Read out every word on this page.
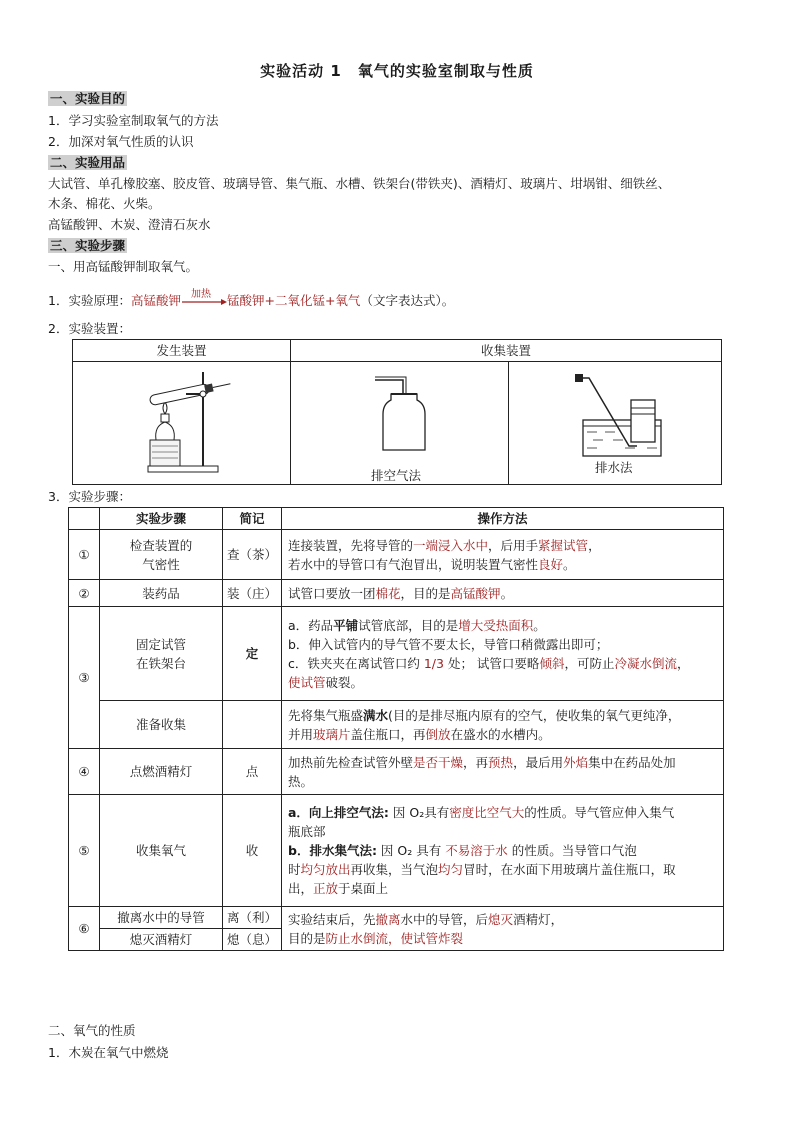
实验活动 1　氧气的实验室制取与性质
一、实验目的
1．学习实验室制取氧气的方法
2．加深对氧气性质的认识
二、实验用品
大试管、单孔橡胶塞、胶皮管、玻璃导管、集气瓶、水槽、铁架台(带铁夹)、酒精灯、玻璃片、坩埚钳、细铁丝、
木条、棉花、火柴。
高锰酸钾、木炭、澄清石灰水
三、实验步骤
一、用高锰酸钾制取氧气。
1．实验原理：高锰酸钾 加热 锰酸钾+二氧化锰+氧气（文字表达式）。
2．实验装置：
发生装置	收集装置	

排空气法	排水法
3．实验步骤：
	实验步骤	简记	操作方法
①	检查装置的
气密性	查（茶）	连接装置，先将导管的一端浸入水中，后用手紧握试管，
若水中的导管口有气泡冒出，说明装置气密性良好。
②	装药品	装（庄）	试管口要放一团棉花，目的是高锰酸钾。
③	固定试管
在铁架台	定	a．药品平铺试管底部，目的是增大受热面积。
b．伸入试管内的导气管不要太长，导管口稍微露出即可；
c．铁夹夹在离试管口约 1/3 处； 试管口要略倾斜，可防止冷凝水倒流，
使试管破裂。
	准备收集		先将集气瓶盛满水(目的是排尽瓶内原有的空气，使收集的氧气更纯净，
并用玻璃片盖住瓶口，再倒放在盛水的水槽内。
④	点燃酒精灯	点	加热前先检查试管外壁是否干燥，再预热，最后用外焰集中在药品处加
热。
⑤	收集氧气	收	a．向上排空气法: 因 O₂具有密度比空气大的性质。导气管应伸入集气
瓶底部
b．排水集气法: 因 O₂ 具有 不易溶于水 的性质。当导管口气泡
时均匀放出再收集，当气泡均匀冒时，在水面下用玻璃片盖住瓶口，取
出，正放于桌面上
⑥	撤离水中的导管	离（利）	实验结束后，先撤离水中的导管，后熄灭酒精灯，
目的是防止水倒流，使试管炸裂
	熄灭酒精灯	熄（息）	
二、氧气的性质
1．木炭在氧气中燃烧
